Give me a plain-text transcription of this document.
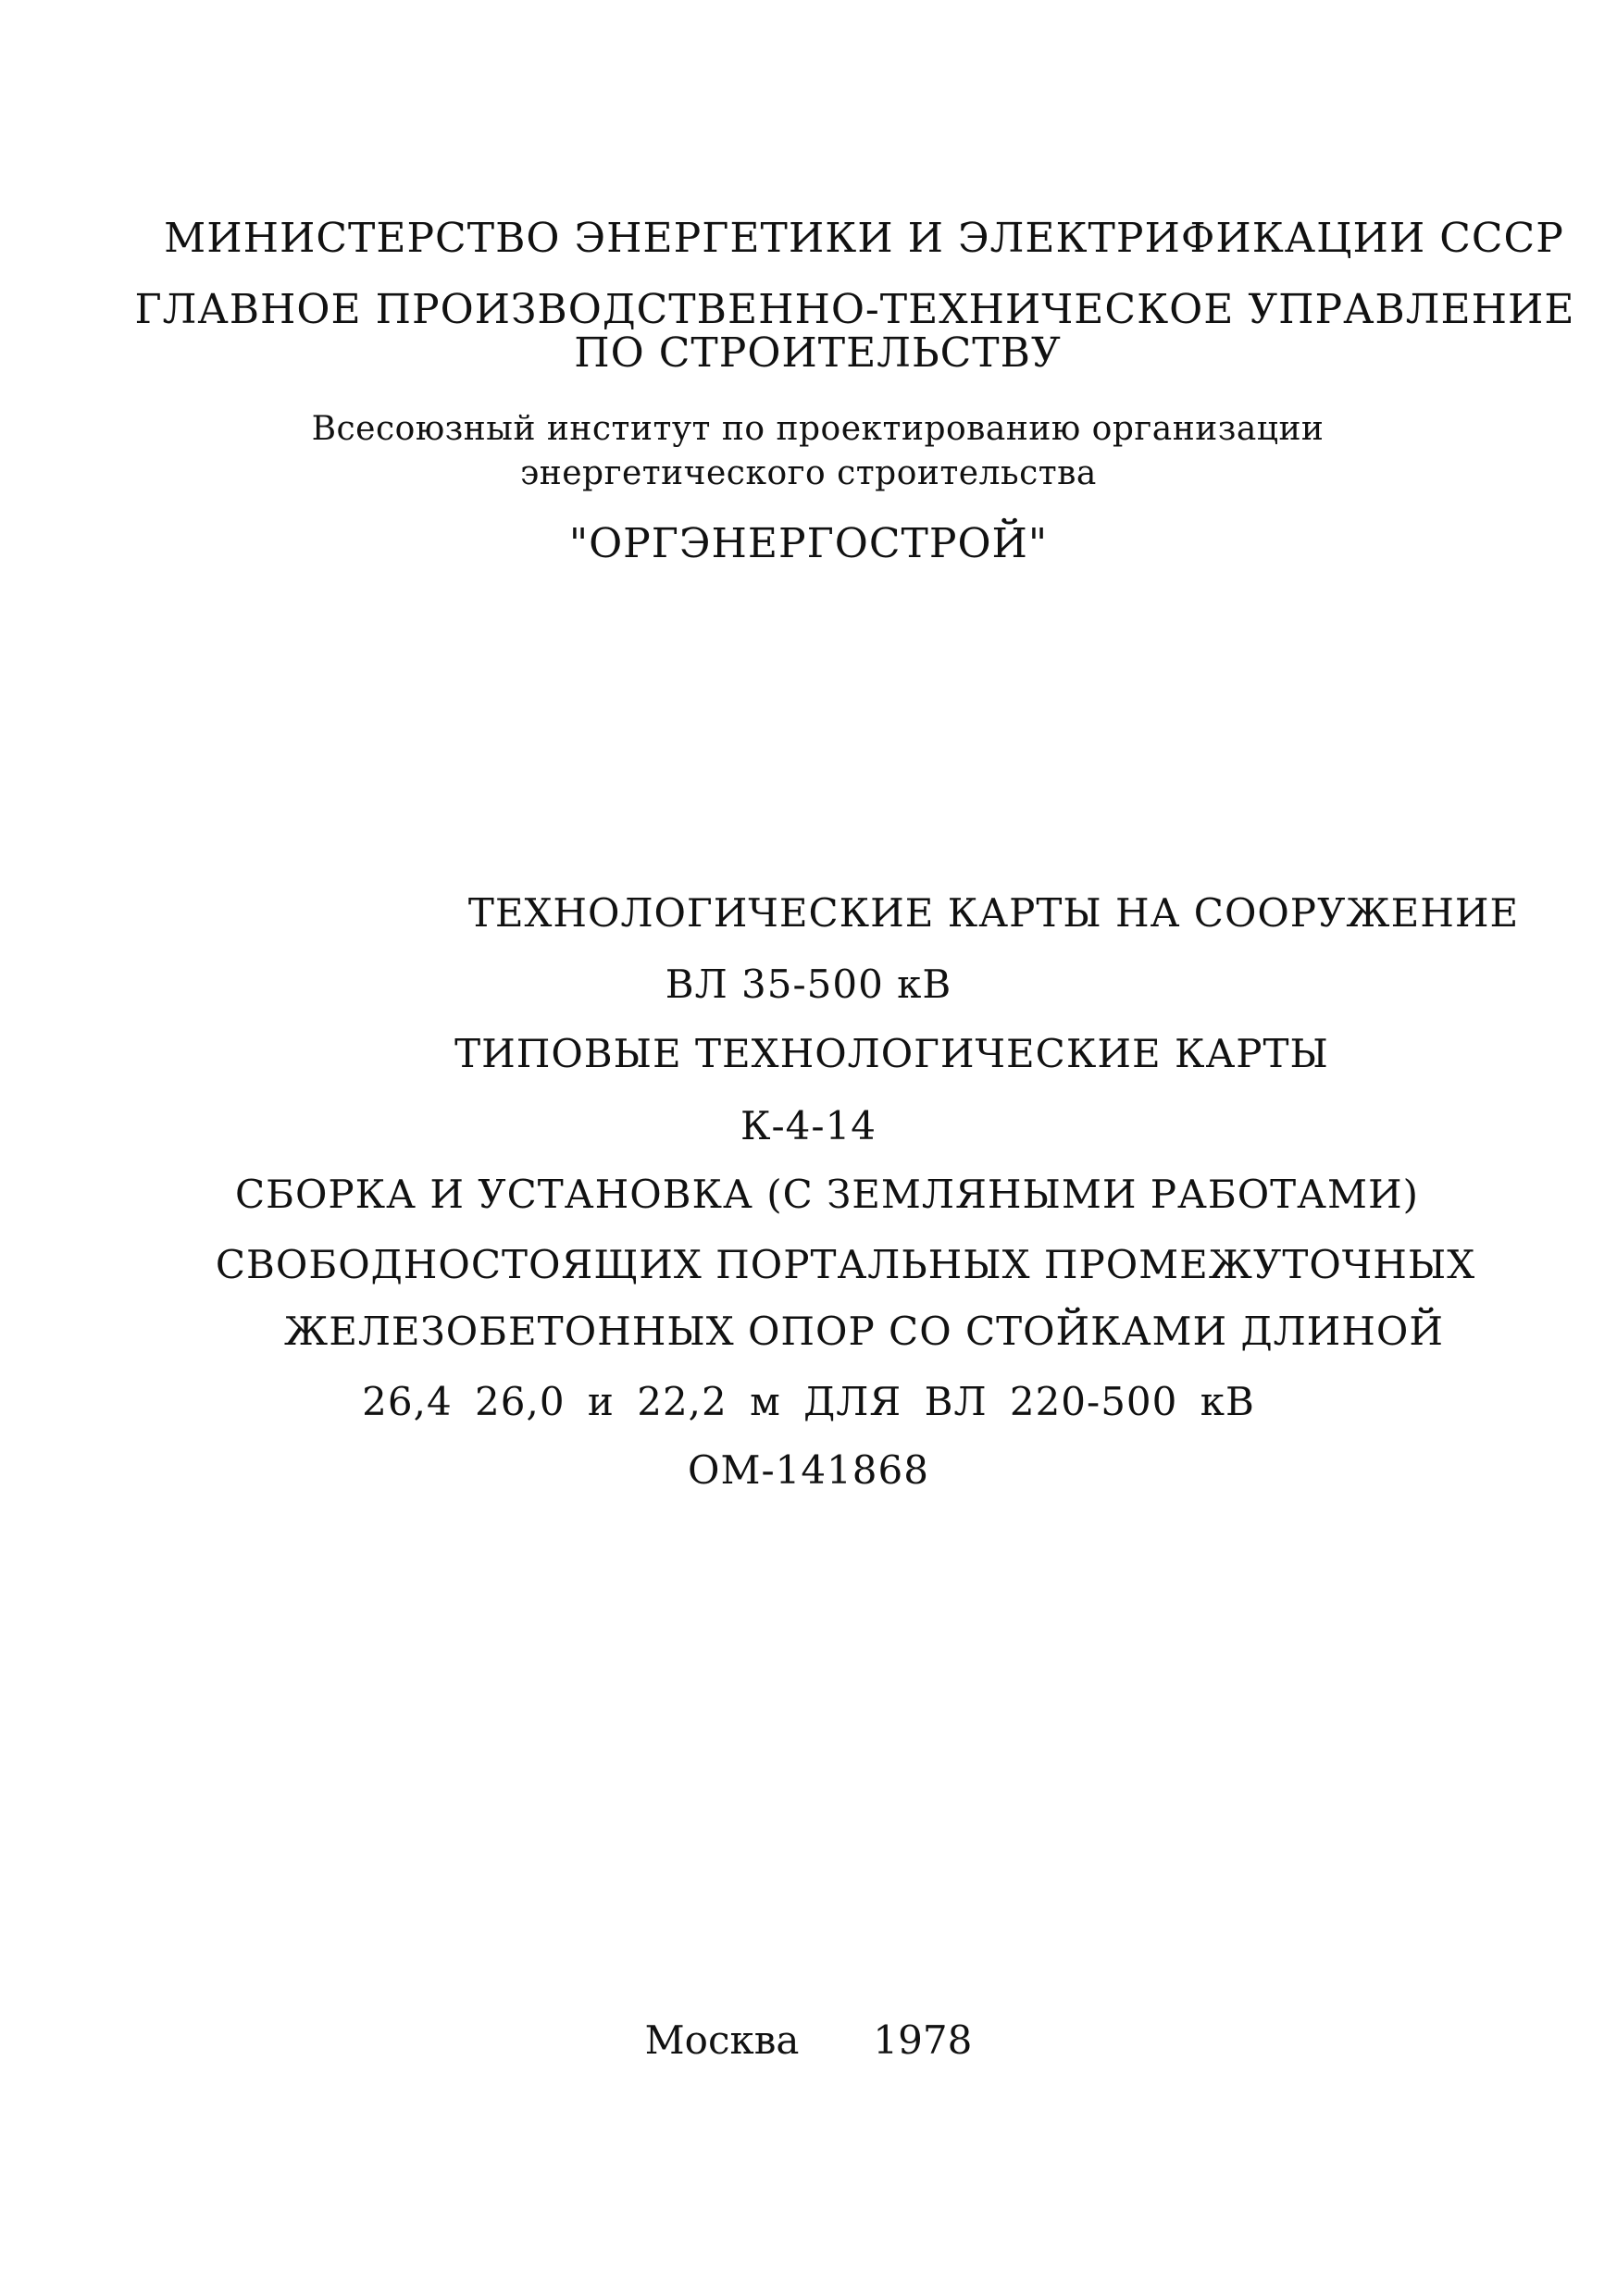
МИНИСТЕРСТВО ЭНЕРГЕТИКИ И ЭЛЕКТРИФИКАЦИИ СССР
ГЛАВНОЕ ПРОИЗВОДСТВЕННО-ТЕХНИЧЕСКОЕ УПРАВЛЕНИЕ
ПО СТРОИТЕЛЬСТВУ
Всесоюзный институт по проектированию организации
энергетического строительства
"ОРГЭНЕРГОСТРОЙ"
ТЕХНОЛОГИЧЕСКИЕ КАРТЫ НА СООРУЖЕНИЕ
ВЛ 35-500 кВ
ТИПОВЫЕ ТЕХНОЛОГИЧЕСКИЕ КАРТЫ
К-4-14
СБОРКА И УСТАНОВКА (С ЗЕМЛЯНЫМИ РАБОТАМИ)
СВОБОДНОСТОЯЩИХ ПОРТАЛЬНЫХ ПРОМЕЖУТОЧНЫХ
ЖЕЛЕЗОБЕТОННЫХ ОПОР СО СТОЙКАМИ ДЛИНОЙ
26,4 26,0 и 22,2 м ДЛЯ ВЛ 220-500 кВ
ОМ-141868
Москва 1978
